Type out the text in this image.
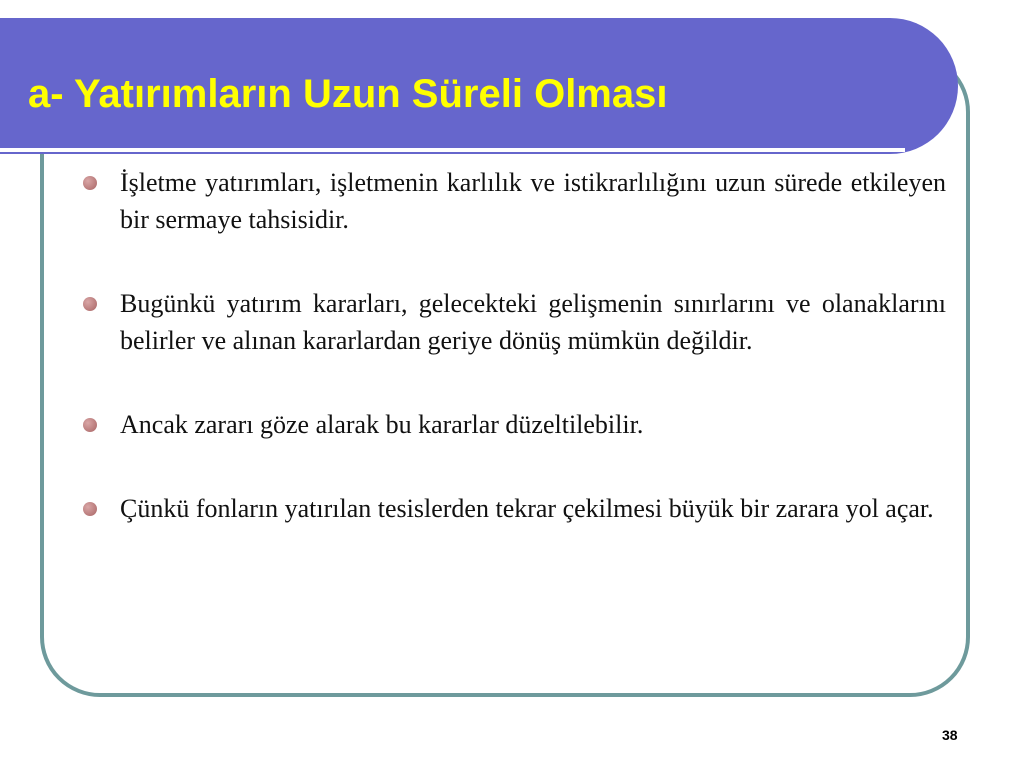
a- Yatırımların Uzun Süreli Olması
İşletme yatırımları, işletmenin karlılık ve istikrarlılığını uzun sürede etkileyen bir sermaye tahsisidir.
Bugünkü yatırım kararları, gelecekteki gelişmenin sınırlarını ve olanaklarını belirler ve alınan kararlardan geriye dönüş mümkün değildir.
Ancak zararı göze alarak bu kararlar düzeltilebilir.
Çünkü fonların yatırılan tesislerden tekrar çekilmesi büyük bir zarara yol açar.
38
